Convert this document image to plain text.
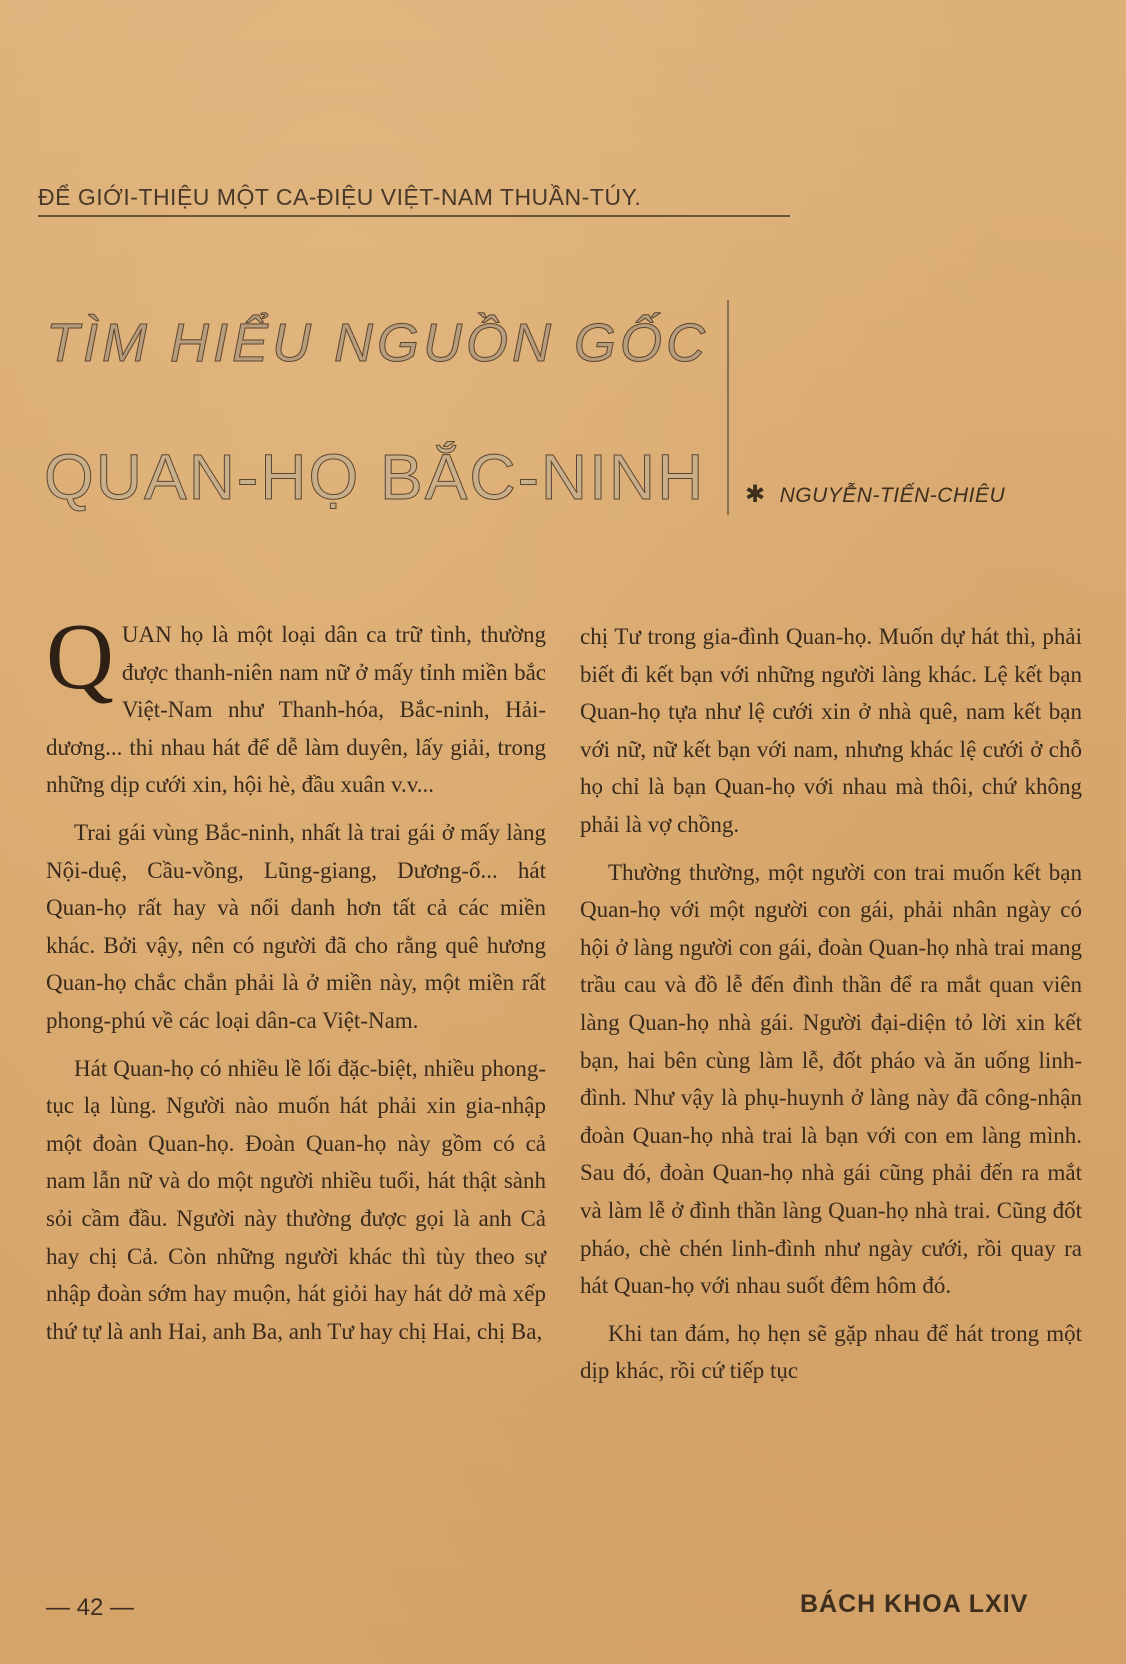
ĐỂ GIỚI-THIỆU MỘT CA-ĐIỆU VIỆT-NAM THUẦN-TÚY.
TÌM HIỂU NGUỒN GỐC
QUAN-HỌ BẮC-NINH ✱ NGUYỄN-TIẾN-CHIÊU

QUAN họ là một loại dân ca trữ tình, thường được thanh-niên nam nữ ở mấy tỉnh miền bắc Việt-Nam như Thanh-hóa, Bắc-ninh, Hải-dương... thi nhau hát để dễ làm duyên, lấy giải, trong những dịp cưới xin, hội hè, đầu xuân v.v...

Trai gái vùng Bắc-ninh, nhất là trai gái ở mấy làng Nội-duệ, Cầu-vồng, Lũng-giang, Dương-ổ... hát Quan-họ rất hay và nổi danh hơn tất cả các miền khác. Bởi vậy, nên có người đã cho rằng quê hương Quan-họ chắc chắn phải là ở miền này, một miền rất phong-phú về các loại dân-ca Việt-Nam.

Hát Quan-họ có nhiều lề lối đặc-biệt, nhiều phong-tục lạ lùng. Người nào muốn hát phải xin gia-nhập một đoàn Quan-họ. Đoàn Quan-họ này gồm có cả nam lẫn nữ và do một người nhiều tuổi, hát thật sành sỏi cầm đầu. Người này thường được gọi là anh Cả hay chị Cả. Còn những người khác thì tùy theo sự nhập đoàn sớm hay muộn, hát giỏi hay hát dở mà xếp thứ tự là anh Hai, anh Ba, anh Tư hay chị Hai, chị Ba,

chị Tư trong gia-đình Quan-họ. Muốn dự hát thì, phải biết đi kết bạn với những người làng khác. Lệ kết bạn Quan-họ tựa như lệ cưới xin ở nhà quê, nam kết bạn với nữ, nữ kết bạn với nam, nhưng khác lệ cưới ở chỗ họ chỉ là bạn Quan-họ với nhau mà thôi, chứ không phải là vợ chồng.

Thường thường, một người con trai muốn kết bạn Quan-họ với một người con gái, phải nhân ngày có hội ở làng người con gái, đoàn Quan-họ nhà trai mang trầu cau và đồ lễ đến đình thần để ra mắt quan viên làng Quan-họ nhà gái. Người đại-diện tỏ lời xin kết bạn, hai bên cùng làm lễ, đốt pháo và ăn uống linh-đình. Như vậy là phụ-huynh ở làng này đã công-nhận đoàn Quan-họ nhà trai là bạn với con em làng mình. Sau đó, đoàn Quan-họ nhà gái cũng phải đến ra mắt và làm lễ ở đình thần làng Quan-họ nhà trai. Cũng đốt pháo, chè chén linh-đình như ngày cưới, rồi quay ra hát Quan-họ với nhau suốt đêm hôm đó.

Khi tan đám, họ hẹn sẽ gặp nhau để hát trong một dịp khác, rồi cứ tiếp tục

— 42 —	BÁCH KHOA LXIV
